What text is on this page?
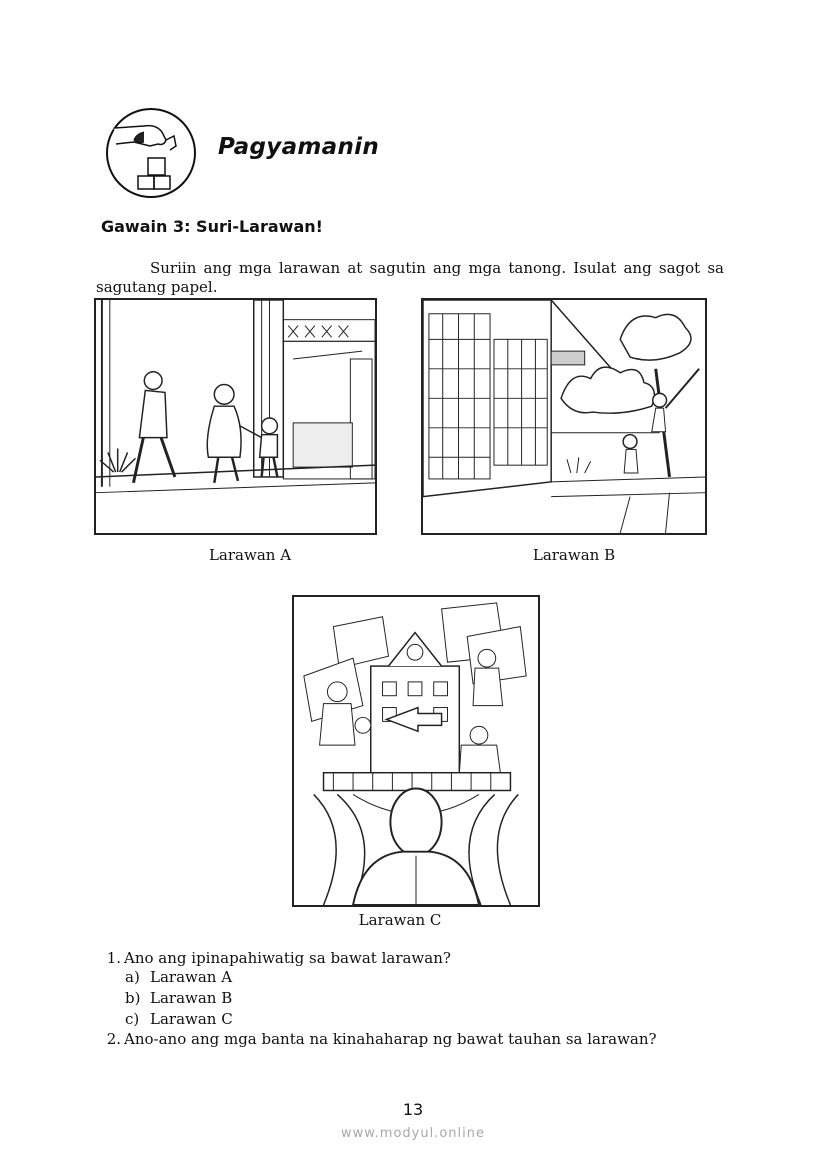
Pagyamanin
Gawain 3: Suri-Larawan!

Suriin ang mga larawan at sagutin ang mga tanong. Isulat ang sagot sa sagutang papel.

Larawan A	Larawan B
Larawan C
1. Ano ang ipinapahiwatig sa bawat larawan?
a) Larawan A
b) Larawan B
c) Larawan C
2. Ano-ano ang mga banta na kinahaharap ng bawat tauhan sa larawan?
13
www.modyul.online
